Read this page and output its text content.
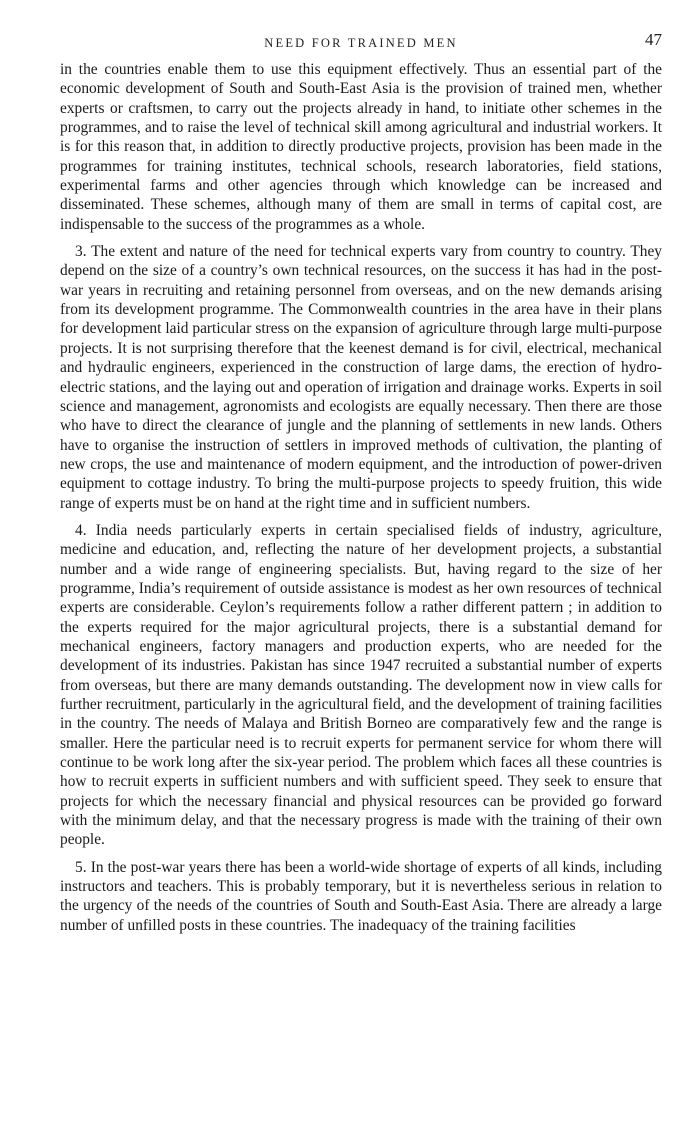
NEED FOR TRAINED MEN	47

in the countries enable them to use this equipment effectively. Thus an essential part of the economic development of South and South-East Asia is the provision of trained men, whether experts or craftsmen, to carry out the projects already in hand, to initiate other schemes in the programmes, and to raise the level of technical skill among agricultural and industrial workers. It is for this reason that, in addition to directly productive projects, provision has been made in the programmes for training institutes, technical schools, research laboratories, field stations, experimental farms and other agencies through which knowledge can be increased and disseminated. These schemes, although many of them are small in terms of capital cost, are indispensable to the success of the programmes as a whole.

3. The extent and nature of the need for technical experts vary from country to country. They depend on the size of a country’s own technical resources, on the success it has had in the post-war years in recruiting and retaining personnel from overseas, and on the new demands arising from its development programme. The Commonwealth countries in the area have in their plans for development laid particular stress on the expansion of agriculture through large multi-purpose projects. It is not surprising therefore that the keenest demand is for civil, electrical, mechanical and hydraulic engineers, experienced in the construction of large dams, the erection of hydro-electric stations, and the laying out and operation of irrigation and drainage works. Experts in soil science and management, agronomists and ecologists are equally necessary. Then there are those who have to direct the clearance of jungle and the planning of settlements in new lands. Others have to organise the instruction of settlers in improved methods of cultivation, the planting of new crops, the use and maintenance of modern equipment, and the introduction of power-driven equipment to cottage industry. To bring the multi-purpose projects to speedy fruition, this wide range of experts must be on hand at the right time and in sufficient numbers.

4. India needs particularly experts in certain specialised fields of industry, agriculture, medicine and education, and, reflecting the nature of her development projects, a substantial number and a wide range of engineering specialists. But, having regard to the size of her programme, India’s requirement of outside assistance is modest as her own resources of technical experts are considerable. Ceylon’s requirements follow a rather different pattern ; in addition to the experts required for the major agricultural projects, there is a substantial demand for mechanical engineers, factory managers and production experts, who are needed for the development of its industries. Pakistan has since 1947 recruited a substantial number of experts from overseas, but there are many demands outstanding. The development now in view calls for further recruitment, particularly in the agricultural field, and the development of training facilities in the country. The needs of Malaya and British Borneo are comparatively few and the range is smaller. Here the particular need is to recruit experts for permanent service for whom there will continue to be work long after the six-year period. The problem which faces all these countries is how to recruit experts in sufficient numbers and with sufficient speed. They seek to ensure that projects for which the necessary financial and physical resources can be provided go forward with the minimum delay, and that the necessary progress is made with the training of their own people.

5. In the post-war years there has been a world-wide shortage of experts of all kinds, including instructors and teachers. This is probably temporary, but it is nevertheless serious in relation to the urgency of the needs of the countries of South and South-East Asia. There are already a large number of unfilled posts in these countries. The inadequacy of the training facilities
